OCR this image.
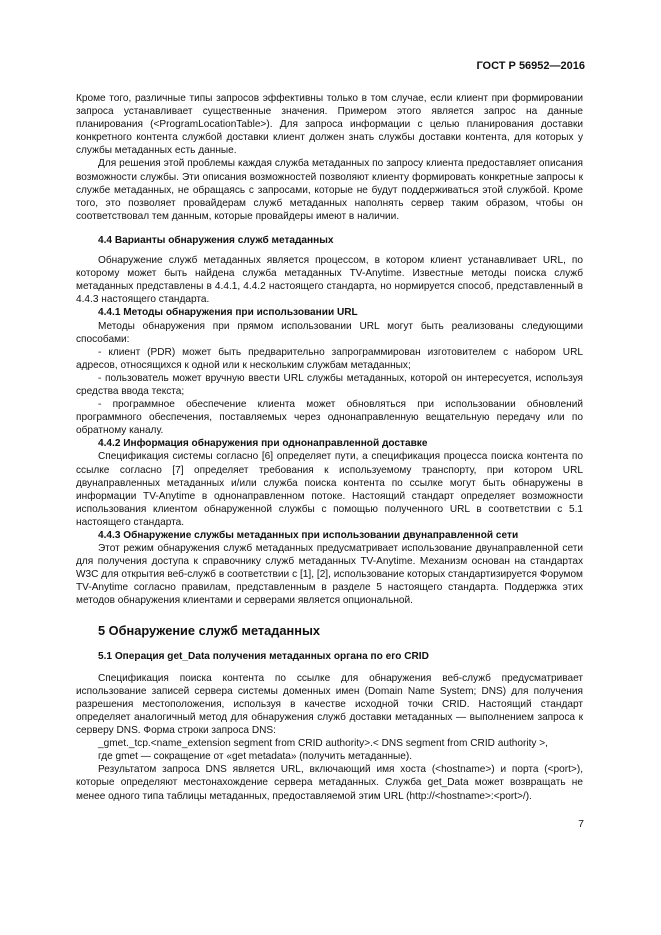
ГОСТ Р 56952—2016

Кроме того, различные типы запросов эффективны только в том случае, если клиент при формировании запроса устанавливает существенные значения. Примером этого является запрос на данные планирования (<ProgramLocationTable>). Для запроса информации с целью планирования доставки конкретного контента службой доставки клиент должен знать службы доставки контента, для которых у службы метаданных есть данные.

Для решения этой проблемы каждая служба метаданных по запросу клиента предоставляет описания возможности службы. Эти описания возможностей позволяют клиенту формировать конкретные запросы к службе метаданных, не обращаясь с запросами, которые не будут поддерживаться этой службой. Кроме того, это позволяет провайдерам служб метаданных наполнять сервер таким образом, чтобы он соответствовал тем данным, которые провайдеры имеют в наличии.

4.4 Варианты обнаружения служб метаданных

Обнаружение служб метаданных является процессом, в котором клиент устанавливает URL, по которому может быть найдена служба метаданных TV-Anytime. Известные методы поиска служб метаданных представлены в 4.4.1, 4.4.2 настоящего стандарта, но нормируется способ, представленный в 4.4.3 настоящего стандарта.

4.4.1 Методы обнаружения при использовании URL

Методы обнаружения при прямом использовании URL могут быть реализованы следующими способами:

- клиент (PDR) может быть предварительно запрограммирован изготовителем с набором URL адресов, относящихся к одной или к нескольким службам метаданных;

- пользователь может вручную ввести URL службы метаданных, которой он интересуется, используя средства ввода текста;

- программное обеспечение клиента может обновляться при использовании обновлений программного обеспечения, поставляемых через однонаправленную вещательную передачу или по обратному каналу.

4.4.2 Информация обнаружения при однонаправленной доставке

Спецификация системы согласно [6] определяет пути, а спецификация процесса поиска контента по ссылке согласно [7] определяет требования к используемому транспорту, при котором URL двунаправленных метаданных и/или служба поиска контента по ссылке могут быть обнаружены в информации TV-Anytime в однонаправленном потоке. Настоящий стандарт определяет возможности использования клиентом обнаруженной службы с помощью полученного URL в соответствии с 5.1 настоящего стандарта.

4.4.3 Обнаружение службы метаданных при использовании двунаправленной сети

Этот режим обнаружения служб метаданных предусматривает использование двунаправленной сети для получения доступа к справочнику служб метаданных TV-Anytime. Механизм основан на стандартах W3C для открытия веб-служб в соответствии с [1], [2], использование которых стандартизируется Форумом TV-Anytime согласно правилам, представленным в разделе 5 настоящего стандарта. Поддержка этих методов обнаружения клиентами и серверами является опциональной.

5 Обнаружение служб метаданных

5.1 Операция get_Data получения метаданных органа по его CRID

Спецификация поиска контента по ссылке для обнаружения веб-служб предусматривает использование записей сервера системы доменных имен (Domain Name System; DNS) для получения разрешения местоположения, используя в качестве исходной точки CRID. Настоящий стандарт определяет аналогичный метод для обнаружения служб доставки метаданных — выполнением запроса к серверу DNS. Форма строки запроса DNS:

_gmet._tcp.<name_extension segment from CRID authority>.< DNS segment from CRID authority >,

где gmet — сокращение от «get metadata» (получить метаданные).

Результатом запроса DNS является URL, включающий имя хоста (<hostname>) и порта (<port>), которые определяют местонахождение сервера метаданных. Служба get_Data может возвращать не менее одного типа таблицы метаданных, предоставляемой этим URL (http://<hostname>:<port>/).

7
